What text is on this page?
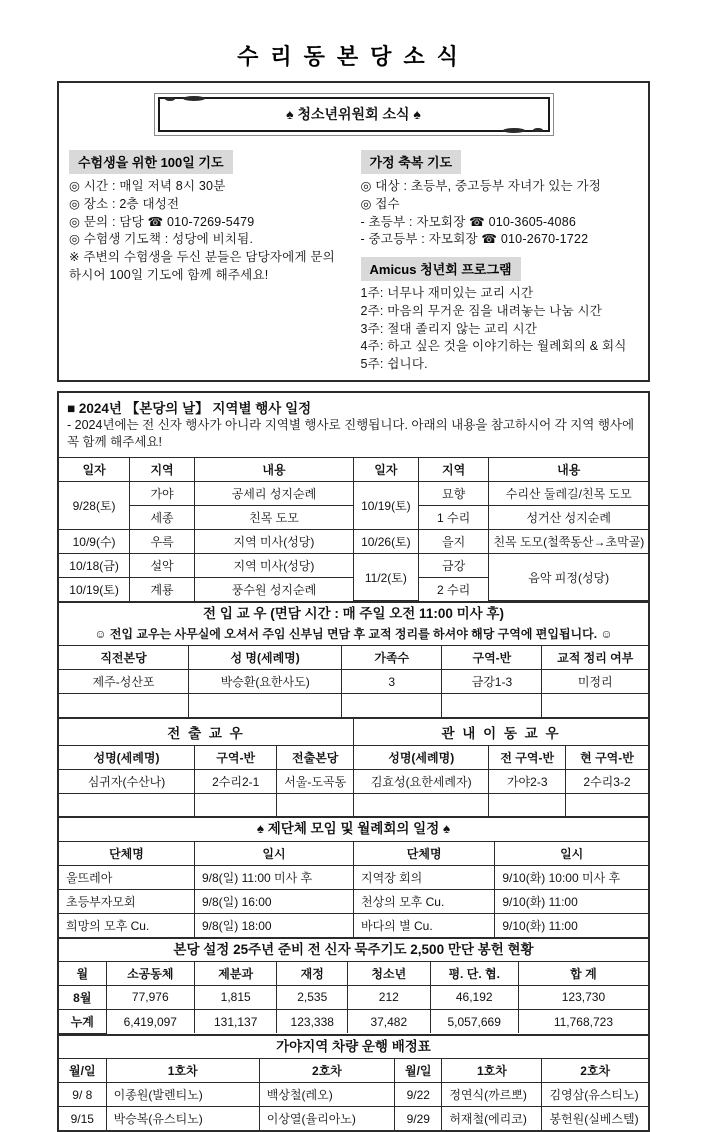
수리동본당소식
♠ 청소년위원회 소식 ♠
수험생을 위한 100일 기도

◎ 시간 : 매일 저녁 8시 30분

◎ 장소 : 2층 대성전

◎ 문의 : 담당 ☎ 010-7269-5479

◎ 수험생 기도책 : 성당에 비치됨.

※ 주변의 수험생을 두신 분들은 담당자에게 문의하시어 100일 기도에 함께 해주세요!

가정 축복 기도

◎ 대상 : 초등부, 중고등부 자녀가 있는 가정

◎ 접수

- 초등부 : 자모회장 ☎ 010-3605-4086

- 중고등부 : 자모회장 ☎ 010-2670-1722

Amicus 청년회 프로그램

1주: 너무나 재미있는 교리 시간

2주: 마음의 무거운 짐을 내려놓는 나눔 시간

3주: 절대 졸리지 않는 교리 시간

4주: 하고 싶은 것을 이야기하는 월례회의 & 회식

5주: 쉽니다.

■ 2024년 【본당의 날】 지역별 행사 일정

- 2024년에는 전 신자 행사가 아니라 지역별 행사로 진행됩니다. 아래의 내용을 참고하시어 각 지역 행사에 꼭 함께 해주세요!

일자	지역	내용	일자	지역	내용
9/28(토)	가야	공세리 성지순례	10/19(토)	묘향	수리산 둘레길/친목 도모
	세종	친목 도모		1 수리	성거산 성지순례
10/9(수)	우륵	지역 미사(성당)	10/26(토)	을지	친목 도모(철쭉동산→초막골)
10/18(금)	설악	지역 미사(성당)	11/2(토)	금강	음악 피정(성당)
10/19(토)	계룡	풍수원 성지순례		2 수리	
전 입 교 우 (면담 시간 : 매 주일 오전 11:00 미사 후)
☺ 전입 교우는 사무실에 오셔서 주임 신부님 면담 후 교적 정리를 하셔야 해당 구역에 편입됩니다. ☺
직전본당	성 명(세례명)	가족수	구역-반	교적 정리 여부
제주-성산포	박승환(요한사도)	3	금강1-3	미정리

전 출 교 우			관 내 이 동 교 우		
성명(세례명)	구역-반	전출본당	성명(세례명)	전 구역-반	현 구역-반
심귀자(수산나)	2수리2-1	서울-도곡동	김효성(요한세례자)	가야2-3	2수리3-2

♠ 제단체 모임 및 월례회의 일정 ♠
단체명	일시	단체명	일시
울뜨레아	9/8(일) 11:00 미사 후	지역장 회의	9/10(화) 10:00 미사 후
초등부자모회	9/8(일) 16:00	천상의 모후 Cu.	9/10(화) 11:00
희망의 모후 Cu.	9/8(일) 18:00	바다의 별 Cu.	9/10(화) 11:00
본당 설정 25주년 준비 전 신자 묵주기도 2,500 만단 봉헌 현황
월	소공동체	제분과	재정	청소년	평. 단. 협.	합 계
8월	77,976	1,815	2,535	212	46,192	123,730
누계	6,419,097	131,137	123,338	37,482	5,057,669	11,768,723
가야지역 차량 운행 배정표
월/일	1호차	2호차	월/일	1호차	2호차
9/ 8	이종원(발렌티노)	백상철(레오)	9/22	정연식(까르뽀)	김영삼(유스티노)
9/15	박승복(유스티노)	이상열(율리아노)	9/29	허재철(에리코)	봉헌원(실베스텔)
